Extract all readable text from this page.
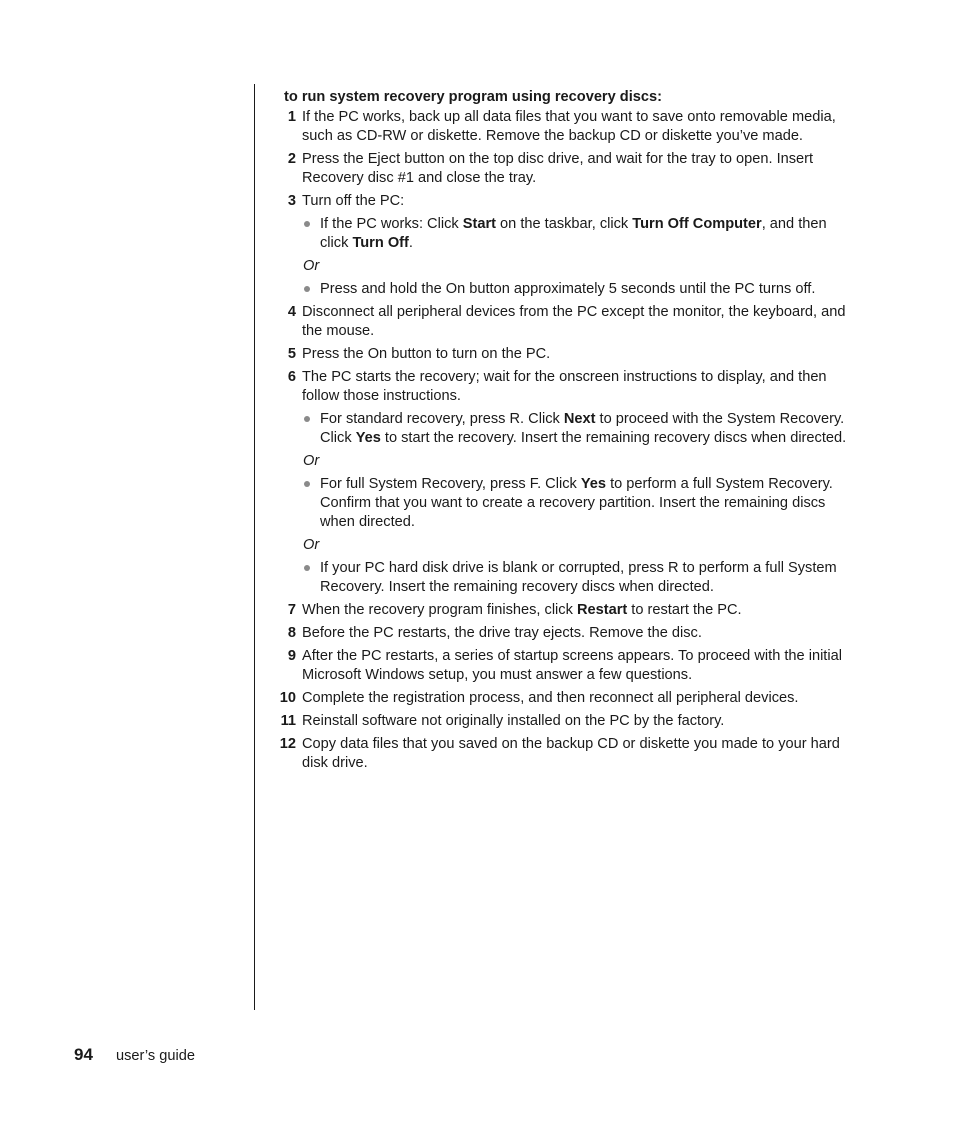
to run system recovery program using recovery discs:
1 If the PC works, back up all data files that you want to save onto removable media, such as CD-RW or diskette. Remove the backup CD or diskette you’ve made.
2 Press the Eject button on the top disc drive, and wait for the tray to open. Insert Recovery disc #1 and close the tray.
3 Turn off the PC:
If the PC works: Click Start on the taskbar, click Turn Off Computer, and then click Turn Off.
Or
Press and hold the On button approximately 5 seconds until the PC turns off.
4 Disconnect all peripheral devices from the PC except the monitor, the keyboard, and the mouse.
5 Press the On button to turn on the PC.
6 The PC starts the recovery; wait for the onscreen instructions to display, and then follow those instructions.
For standard recovery, press R. Click Next to proceed with the System Recovery. Click Yes to start the recovery. Insert the remaining recovery discs when directed.
Or
For full System Recovery, press F. Click Yes to perform a full System Recovery. Confirm that you want to create a recovery partition. Insert the remaining discs when directed.
Or
If your PC hard disk drive is blank or corrupted, press R to perform a full System Recovery. Insert the remaining recovery discs when directed.
7 When the recovery program finishes, click Restart to restart the PC.
8 Before the PC restarts, the drive tray ejects. Remove the disc.
9 After the PC restarts, a series of startup screens appears. To proceed with the initial Microsoft Windows setup, you must answer a few questions.
10 Complete the registration process, and then reconnect all peripheral devices.
11 Reinstall software not originally installed on the PC by the factory.
12 Copy data files that you saved on the backup CD or diskette you made to your hard disk drive.
94	user’s guide
